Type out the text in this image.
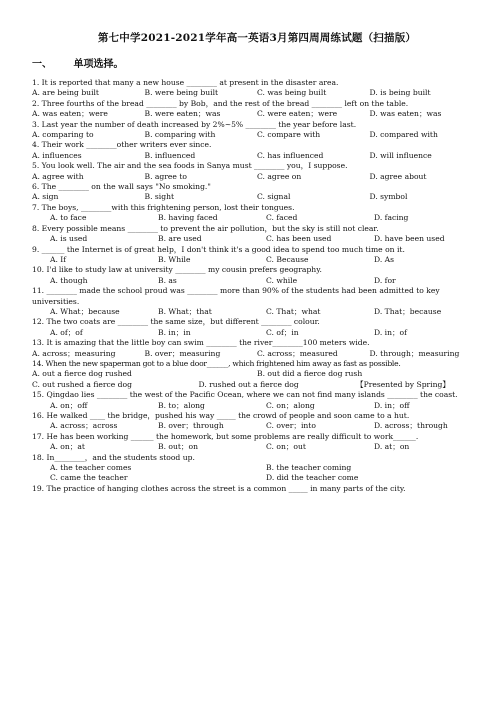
第七中学2021-2021学年高一英语3月第四周周练试题（扫描版）
一、 单项选择。
1. It is reported that many a new house ________ at present in the disaster area.
A. are being built	B. were being built	C. was being built	D. is being built
2. Three fourths of the bread ________ by Bob，and the rest of the bread ________ left on the table.
A. was eaten；were	B. were eaten；was	C. were eaten；were	D. was eaten；was
3. Last year the number of death increased by 2%~5% ________ the year before last.
A. comparing to	B. comparing with	C. compare with	D. compared with
4. Their work ________other writers ever since.
A. influences	B. influenced	C. has influenced	D. will influence
5. You look well. The air and the sea foods in Sanya must ________ you，I suppose.
A. agree with	B. agree to	C. agree on	D. agree about
6. The ________ on the wall says "No smoking."
A. sign	B. sight	C. signal	D. symbol
7. The boys, ________with this frightening person, lost their tongues.
A. to face	B. having faced	C. faced	D. facing
8. Every possible means ________ to prevent the air pollution，but the sky is still not clear.
A. is used	B. are used	C. has been used	D. have been used
9. ______ the Internet is of great help，I don't think it's a good idea to spend too much time on it.
A. If	B. While	C. Because	D. As
10. I'd like to study law at university ________ my cousin prefers geography.
A. though	B. as	C. while	D. for
11. ________ made the school proud was ________ more than 90% of the students had been admitted to key universities.
A. What；because	B. What；that	C. That；what	D. That；because
12. The two coats are ________ the same size，but different ________ colour.
A. of；of	B. in；in	C. of；in	D. in；of
13. It is amazing that the little boy can swim ________ the river________100 meters wide.
A. across；measuring	B. over；measuring	C. across；measured	D. through；measuring
14. When the new spaperman got to a blue door______, which frightened him away as fast as possible.
A. out a fierce dog rushed	B. out did a fierce dog rush
C. out rushed a fierce dog	D. rushed out a fierce dog	【Presented by Spring】
15. Qingdao lies ________ the west of the Pacific Ocean, where we can not find many islands ________ the coast.
A. on；off	B. to；along	C. on；along	D. in；off
16. He walked ____ the bridge，pushed his way _____ the crowd of people and soon came to a hut.
A. across；across	B. over；through	C. over；into	D. across；through
17. He has been working ______ the homework, but some problems are really difficult to work______.
A. on；at	B. out；on	C. on；out	D. at；on
18. In________，and the students stood up.
A. the teacher comes	B. the teacher coming
C. came the teacher	D. did the teacher come
19. The practice of hanging clothes across the street is a common _____ in many parts of the city.
